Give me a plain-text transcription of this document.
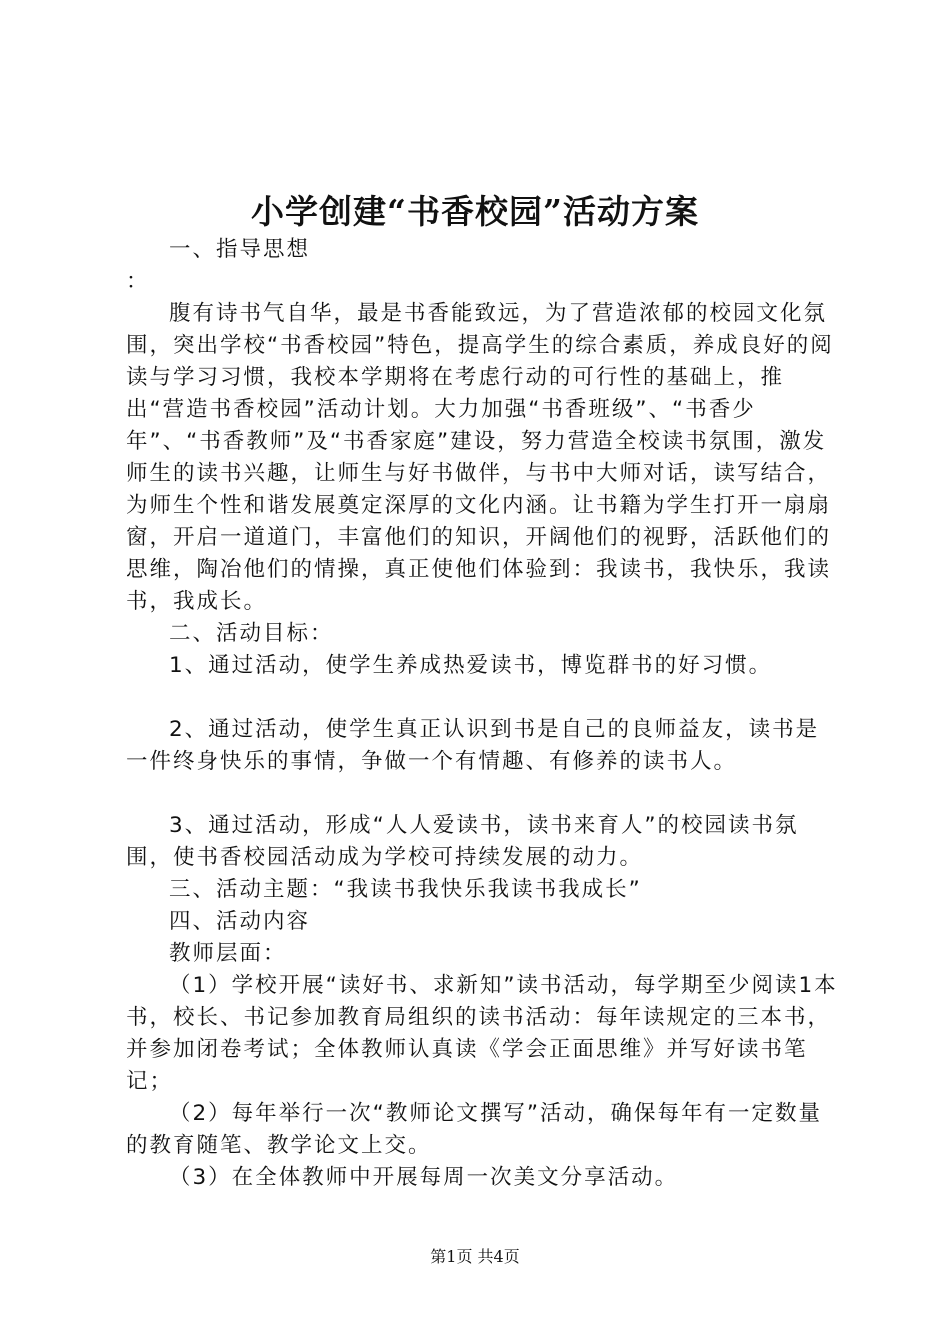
小学创建“书香校园”活动方案

一、指导思想

：

腹有诗书气自华，最是书香能致远，为了营造浓郁的校园文化氛围，突出学校“书香校园”特色，提高学生的综合素质，养成良好的阅读与学习习惯，我校本学期将在考虑行动的可行性的基础上，推出“营造书香校园”活动计划。大力加强“书香班级”、“书香少年”、“书香教师”及“书香家庭”建设，努力营造全校读书氛围，激发师生的读书兴趣，让师生与好书做伴，与书中大师对话，读写结合，为师生个性和谐发展奠定深厚的文化内涵。让书籍为学生打开一扇扇窗，开启一道道门，丰富他们的知识，开阔他们的视野，活跃他们的思维，陶冶他们的情操，真正使他们体验到：我读书，我快乐，我读书，我成长。

二、活动目标：

1、通过活动，使学生养成热爱读书，博览群书的好习惯。

2、通过活动，使学生真正认识到书是自己的良师益友，读书是一件终身快乐的事情，争做一个有情趣、有修养的读书人。

3、通过活动，形成“人人爱读书，读书来育人”的校园读书氛围，使书香校园活动成为学校可持续发展的动力。

三、活动主题：“我读书我快乐我读书我成长”

四、活动内容

教师层面：

（1）学校开展“读好书、求新知”读书活动，每学期至少阅读1本书，校长、书记参加教育局组织的读书活动：每年读规定的三本书，并参加闭卷考试；全体教师认真读《学会正面思维》并写好读书笔记；

（2）每年举行一次“教师论文撰写”活动，确保每年有一定数量的教育随笔、教学论文上交。

（3）在全体教师中开展每周一次美文分享活动。

第1页 共4页
